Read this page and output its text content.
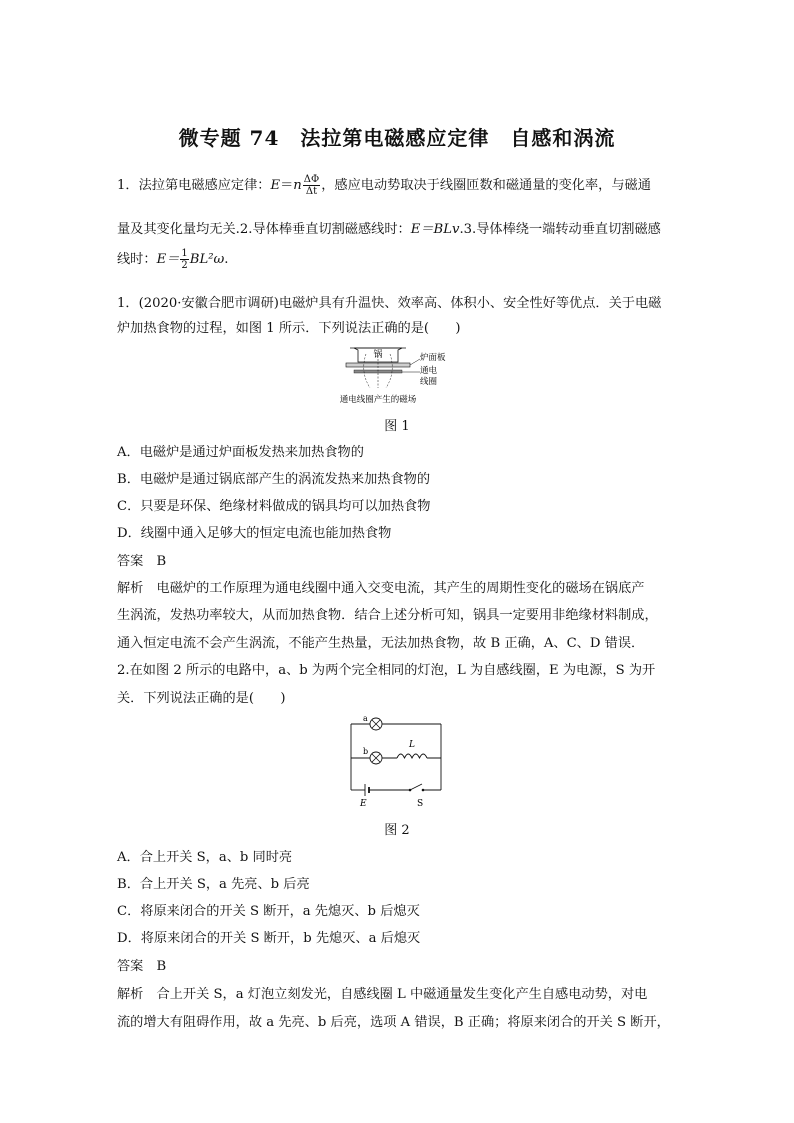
微专题 74　法拉第电磁感应定律　自感和涡流
1．法拉第电磁感应定律：$E=n \frac{\Delta\Phi}{\Delta t}$ ，感应电动势取决于线圈匝数和磁通量的变化率，与磁通
量及其变化量均无关.2.导体棒垂直切割磁感线时：E＝BLv.3.导体棒绕一端转动垂直切割磁感
线时：$E= \frac{1}{2} BL^2\omega$.
1．(2020·安徽合肥市调研)电磁炉具有升温快、效率高、体积小、安全性好等优点．关于电磁
炉加热食物的过程，如图 1 所示．下列说法正确的是(　　)
锅	炉面板
通电
线圈
通电线圈产生的磁场
图 1
A．电磁炉是通过炉面板发热来加热食物的
B．电磁炉是通过锅底部产生的涡流发热来加热食物的
C．只要是环保、绝缘材料做成的锅具均可以加热食物
D．线圈中通入足够大的恒定电流也能加热食物
答案　B
解析　电磁炉的工作原理为通电线圈中通入交变电流，其产生的周期性变化的磁场在锅底产
生涡流，发热功率较大，从而加热食物．结合上述分析可知，锅具一定要用非绝缘材料制成，
通入恒定电流不会产生涡流，不能产生热量，无法加热食物，故 B 正确，A、C、D 错误．
2.在如图 2 所示的电路中，a、b 为两个完全相同的灯泡，L 为自感线圈，E 为电源，S 为开
关．下列说法正确的是(　　)
a
b
L
E	S
图 2
A．合上开关 S，a、b 同时亮
B．合上开关 S，a 先亮、b 后亮
C．将原来闭合的开关 S 断开，a 先熄灭、b 后熄灭
D．将原来闭合的开关 S 断开，b 先熄灭、a 后熄灭
答案　B
解析　合上开关 S，a 灯泡立刻发光，自感线圈 L 中磁通量发生变化产生自感电动势，对电
流的增大有阻碍作用，故 a 先亮、b 后亮，选项 A 错误，B 正确；将原来闭合的开关 S 断开，
